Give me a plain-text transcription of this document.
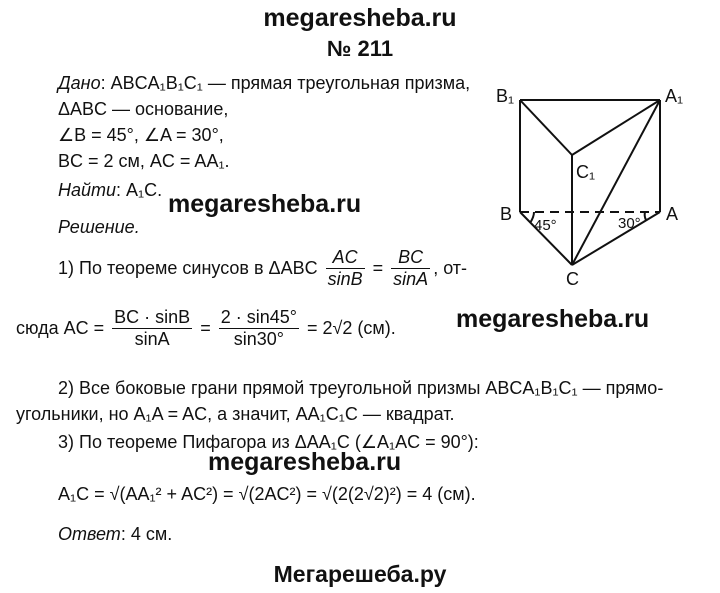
megaresheba.ru
№ 211
Дано: ABCA₁B₁C₁ — прямая треугольная призма,
ΔABC — основание,
∠B = 45°, ∠A = 30°,
BC = 2 см, AC = AA₁.
Найти: A₁C. megaresheba.ru
Решение.
1) По теореме синусов в ΔABC $\frac{AC}{\sin B} = \frac{BC}{\sin A}$ , от-
megaresheba.ru
сюда AC = $\frac{BC \cdot \sin B}{\sin A} = \frac{2 \cdot \sin 45^\circ}{\sin 30^\circ} = 2√2$ (см).
2) Все боковые грани прямой треугольной призмы ABCA₁B₁C₁ — прямо-
угольники, но A₁A = AC, а значит, AA₁C₁C — квадрат.
3) По теореме Пифагора из ΔAA₁C (∠A₁AC = 90°):
megaresheba.ru
A₁C = √(AA₁² + AC²) = √(2AC²) = √(2(2√2)²) = 4 (см).
Ответ: 4 см.
Мегарешеба.ру
B₁	A₁
C₁
B	A
C
45°	30°
